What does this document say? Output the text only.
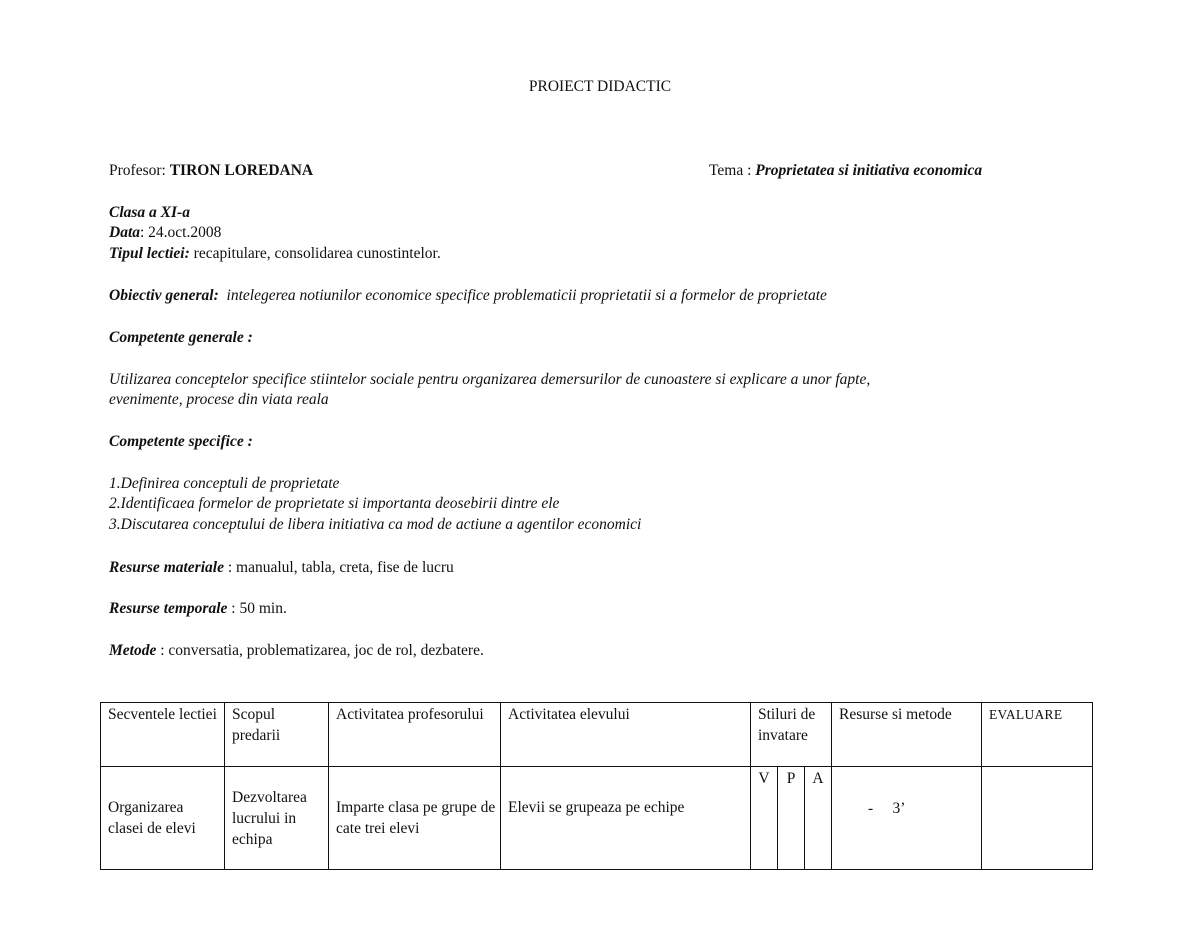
PROIECT DIDACTIC
Profesor: TIRON LOREDANA	Tema : Proprietatea si initiativa economica
Clasa a XI-a
Data: 24.oct.2008
Tipul lectiei: recapitulare, consolidarea cunostintelor.
Obiectiv general:  intelegerea notiunilor economice specifice problematicii proprietatii si a formelor de proprietate
Competente generale :
Utilizarea conceptelor specifice stiintelor sociale pentru organizarea demersurilor de cunoastere si explicare a unor fapte,
evenimente, procese din viata reala
Competente specifice :
1.Definirea conceptuli de proprietate
2.Identificaea formelor de proprietate si importanta deosebirii dintre ele
3.Discutarea conceptului de libera initiativa ca mod de actiune a agentilor economici
Resurse materiale : manualul, tabla, creta, fise de lucru
Resurse temporale : 50 min.
Metode : conversatia, problematizarea, joc de rol, dezbatere.
Secventele lectiei	Scopul predarii	Activitatea profesorului	Activitatea elevului	Stiluri de invatare	Resurse si metode	EVALUARE
Organizarea clasei de elevi	Dezvoltarea lucrului in echipa	Imparte clasa pe grupe de cate trei elevi	Elevii se grupeaza pe echipe	V P A	-     3’	
